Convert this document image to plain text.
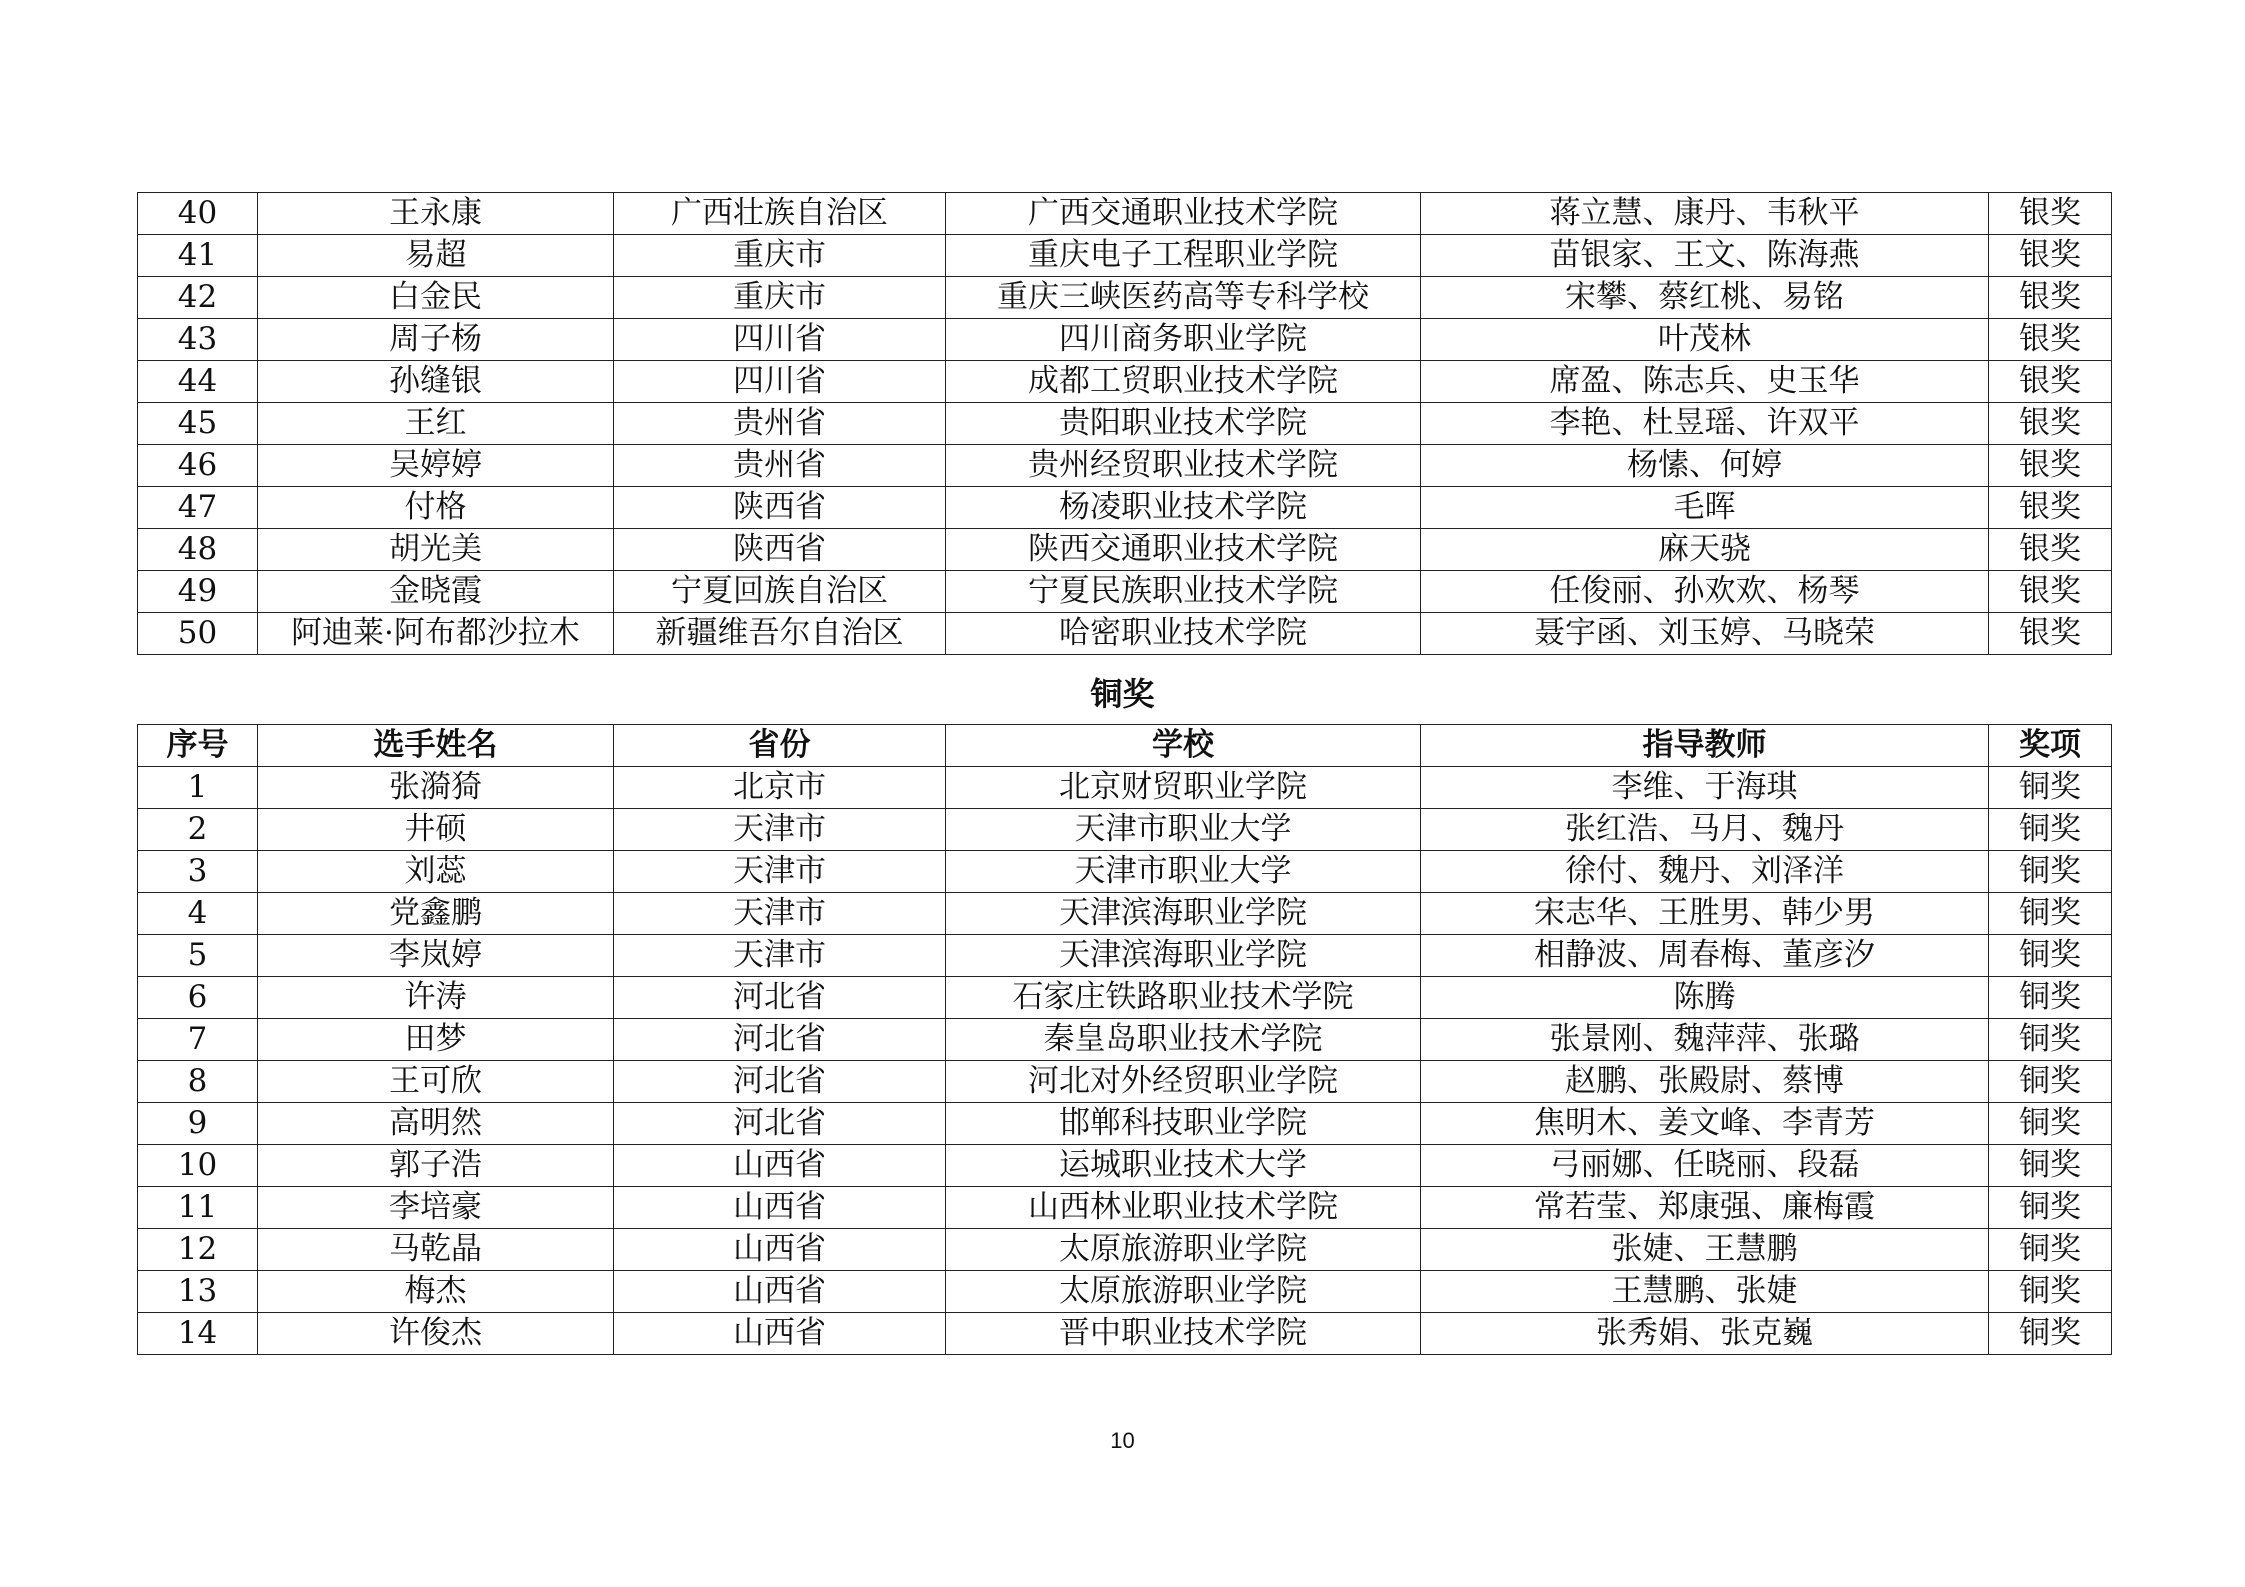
40	王永康	广西壮族自治区	广西交通职业技术学院	蒋立慧、康丹、韦秋平	银奖
41	易超	重庆市	重庆电子工程职业学院	苗银家、王文、陈海燕	银奖
42	白金民	重庆市	重庆三峡医药高等专科学校	宋攀、蔡红桃、易铭	银奖
43	周子杨	四川省	四川商务职业学院	叶茂林	银奖
44	孙缝银	四川省	成都工贸职业技术学院	席盈、陈志兵、史玉华	银奖
45	王红	贵州省	贵阳职业技术学院	李艳、杜昱瑶、许双平	银奖
46	吴婷婷	贵州省	贵州经贸职业技术学院	杨愫、何婷	银奖
47	付格	陕西省	杨凌职业技术学院	毛晖	银奖
48	胡光美	陕西省	陕西交通职业技术学院	麻天骁	银奖
49	金晓霞	宁夏回族自治区	宁夏民族职业技术学院	任俊丽、孙欢欢、杨琴	银奖
50	阿迪莱·阿布都沙拉木	新疆维吾尔自治区	哈密职业技术学院	聂宇函、刘玉婷、马晓荣	银奖
铜奖
序号	选手姓名	省份	学校	指导教师	奖项
1	张漪猗	北京市	北京财贸职业学院	李维、于海琪	铜奖
2	井硕	天津市	天津市职业大学	张红浩、马月、魏丹	铜奖
3	刘蕊	天津市	天津市职业大学	徐付、魏丹、刘泽洋	铜奖
4	党鑫鹏	天津市	天津滨海职业学院	宋志华、王胜男、韩少男	铜奖
5	李岚婷	天津市	天津滨海职业学院	相静波、周春梅、董彦汐	铜奖
6	许涛	河北省	石家庄铁路职业技术学院	陈腾	铜奖
7	田梦	河北省	秦皇岛职业技术学院	张景刚、魏萍萍、张璐	铜奖
8	王可欣	河北省	河北对外经贸职业学院	赵鹏、张殿尉、蔡博	铜奖
9	高明然	河北省	邯郸科技职业学院	焦明木、姜文峰、李青芳	铜奖
10	郭子浩	山西省	运城职业技术大学	弓丽娜、任晓丽、段磊	铜奖
11	李培豪	山西省	山西林业职业技术学院	常若莹、郑康强、廉梅霞	铜奖
12	马乾晶	山西省	太原旅游职业学院	张婕、王慧鹏	铜奖
13	梅杰	山西省	太原旅游职业学院	王慧鹏、张婕	铜奖
14	许俊杰	山西省	晋中职业技术学院	张秀娟、张克巍	铜奖
10
